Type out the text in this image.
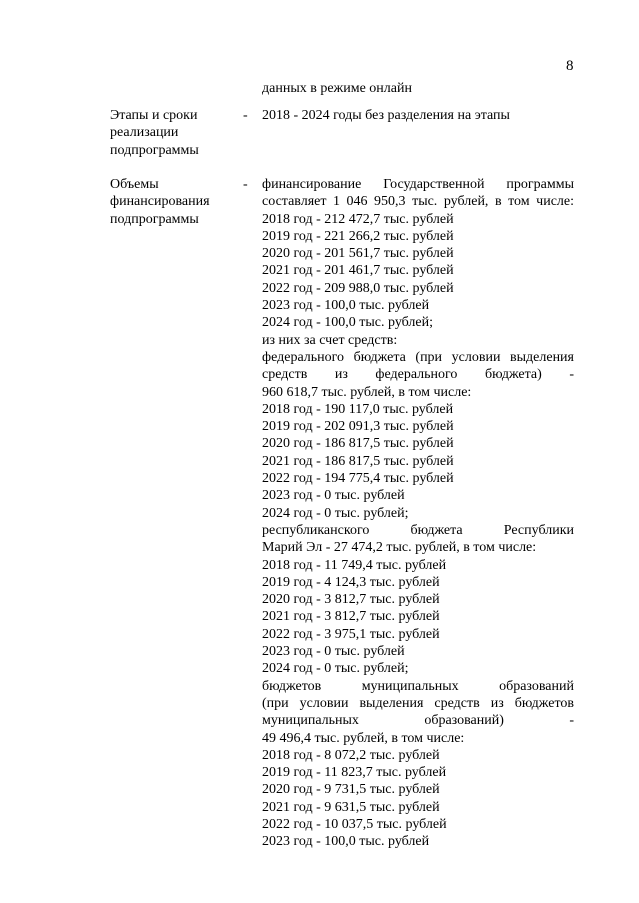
8
данных в режиме онлайн
Этапы и сроки
реализации
подпрограммы
-	2018 - 2024 годы без разделения на этапы
Объемы
финансирования
подпрограммы
-	финансирование Государственной программы
составляет 1 046 950,3 тыс. рублей, в том числе:
2018 год - 212 472,7 тыс. рублей
2019 год - 221 266,2 тыс. рублей
2020 год - 201 561,7 тыс. рублей
2021 год - 201 461,7 тыс. рублей
2022 год - 209 988,0 тыс. рублей
2023 год - 100,0 тыс. рублей
2024 год - 100,0 тыс. рублей;
из них за счет средств:
федерального бюджета (при условии выделения
средств из федерального бюджета) -
960 618,7 тыс. рублей, в том числе:
2018 год - 190 117,0 тыс. рублей
2019 год - 202 091,3 тыс. рублей
2020 год - 186 817,5 тыс. рублей
2021 год - 186 817,5 тыс. рублей
2022 год - 194 775,4 тыс. рублей
2023 год - 0 тыс. рублей
2024 год - 0 тыс. рублей;
республиканского бюджета Республики
Марий Эл - 27 474,2 тыс. рублей, в том числе:
2018 год - 11 749,4 тыс. рублей
2019 год - 4 124,3 тыс. рублей
2020 год - 3 812,7 тыс. рублей
2021 год - 3 812,7 тыс. рублей
2022 год - 3 975,1 тыс. рублей
2023 год - 0 тыс. рублей
2024 год - 0 тыс. рублей;
бюджетов муниципальных образований
(при условии выделения средств из бюджетов
муниципальных образований) -
49 496,4 тыс. рублей, в том числе:
2018 год - 8 072,2 тыс. рублей
2019 год - 11 823,7 тыс. рублей
2020 год - 9 731,5 тыс. рублей
2021 год - 9 631,5 тыс. рублей
2022 год - 10 037,5 тыс. рублей
2023 год - 100,0 тыс. рублей
